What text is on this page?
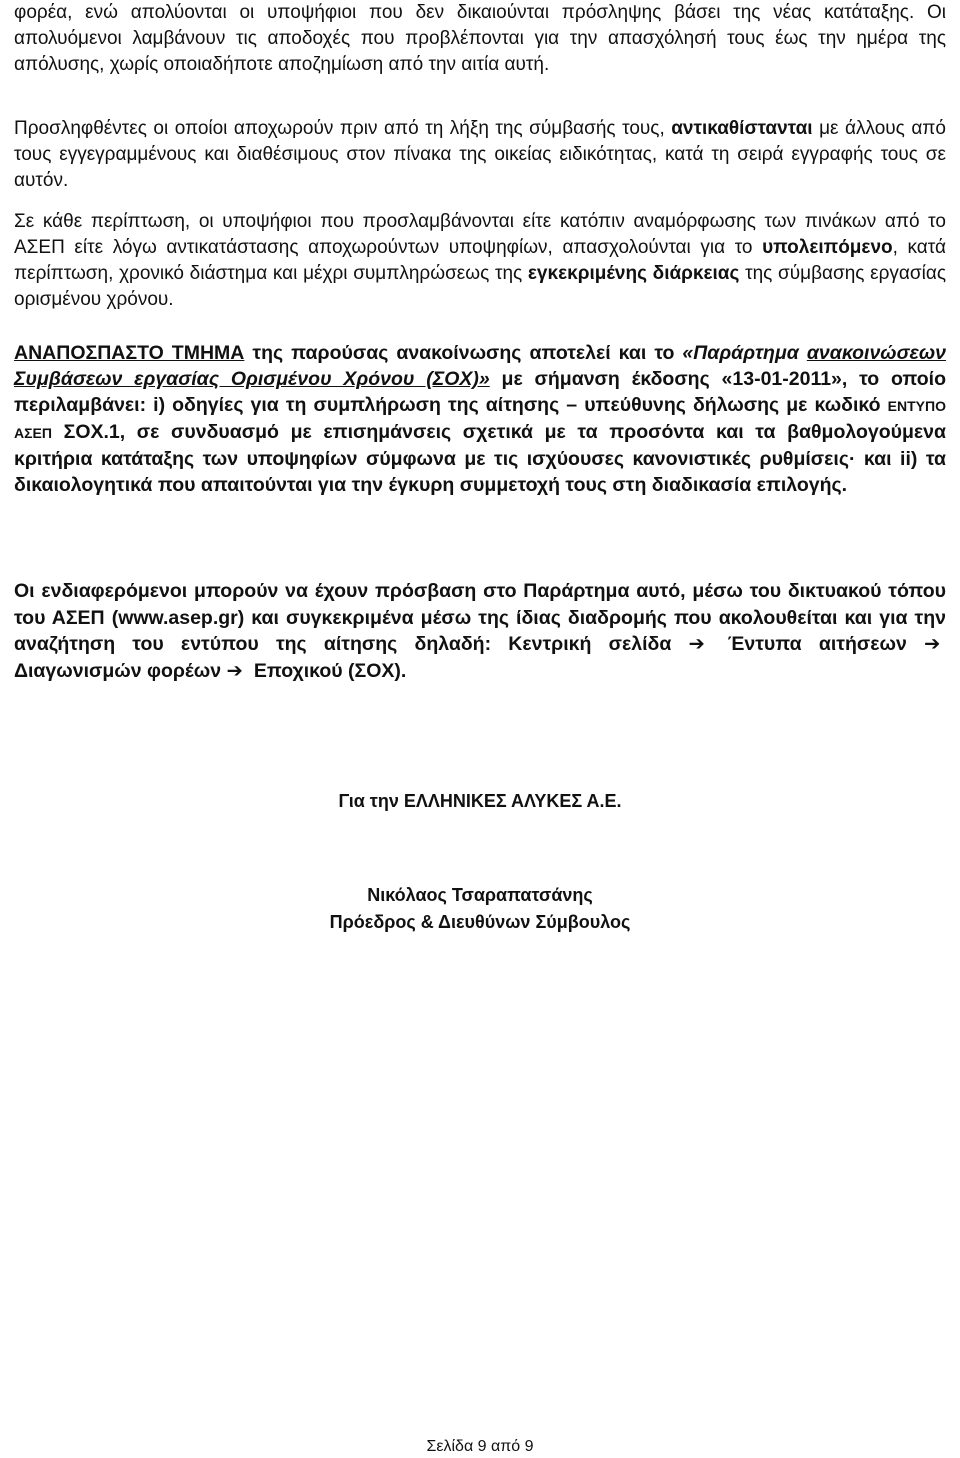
φορέα, ενώ απολύονται οι υποψήφιοι που δεν δικαιούνται πρόσληψης βάσει της νέας κατάταξης. Οι απολυόμενοι λαμβάνουν τις αποδοχές που προβλέπονται για την απασχόλησή τους έως την ημέρα της απόλυσης, χωρίς οποιαδήποτε αποζημίωση από την αιτία αυτή.

Προσληφθέντες οι οποίοι αποχωρούν πριν από τη λήξη της σύμβασής τους, αντικαθίστανται με άλλους από τους εγγεγραμμένους και διαθέσιμους στον πίνακα της οικείας ειδικότητας, κατά τη σειρά εγγραφής τους σε αυτόν.

Σε κάθε περίπτωση, οι υποψήφιοι που προσλαμβάνονται είτε κατόπιν αναμόρφωσης των πινάκων από το ΑΣΕΠ είτε λόγω αντικατάστασης αποχωρούντων υποψηφίων, απασχολούνται για το υπολειπόμενο, κατά περίπτωση, χρονικό διάστημα και μέχρι συμπληρώσεως της εγκεκριμένης διάρκειας της σύμβασης εργασίας ορισμένου χρόνου.

ΑΝΑΠΟΣΠΑΣΤΟ ΤΜΗΜΑ της παρούσας ανακοίνωσης αποτελεί και το «Παράρτημα ανακοινώσεων Συμβάσεων εργασίας Ορισμένου Χρόνου (ΣΟΧ)» με σήμανση έκδοσης «13-01-2011», το οποίο περιλαμβάνει: i) οδηγίες για τη συμπλήρωση της αίτησης – υπεύθυνης δήλωσης με κωδικό ΕΝΤΥΠΟ ΑΣΕΠ ΣΟΧ.1, σε συνδυασμό με επισημάνσεις σχετικά με τα προσόντα και τα βαθμολογούμενα κριτήρια κατάταξης των υποψηφίων σύμφωνα με τις ισχύουσες κανονιστικές ρυθμίσεις· και ii) τα δικαιολογητικά που απαιτούνται για την έγκυρη συμμετοχή τους στη διαδικασία επιλογής.

Οι ενδιαφερόμενοι μπορούν να έχουν πρόσβαση στο Παράρτημα αυτό, μέσω του δικτυακού τόπου του ΑΣΕΠ (www.asep.gr) και συγκεκριμένα μέσω της ίδιας διαδρομής που ακολουθείται και για την αναζήτηση του εντύπου της αίτησης δηλαδή: Κεντρική σελίδα ➔ Έντυπα αιτήσεων ➔ Διαγωνισμών φορέων ➔ Εποχικού (ΣΟΧ).

Για την ΕΛΛΗΝΙΚΕΣ ΑΛΥΚΕΣ Α.Ε.
Νικόλαος Τσαραπατσάνης
Πρόεδρος & Διευθύνων Σύμβουλος
Σελίδα 9 από 9
